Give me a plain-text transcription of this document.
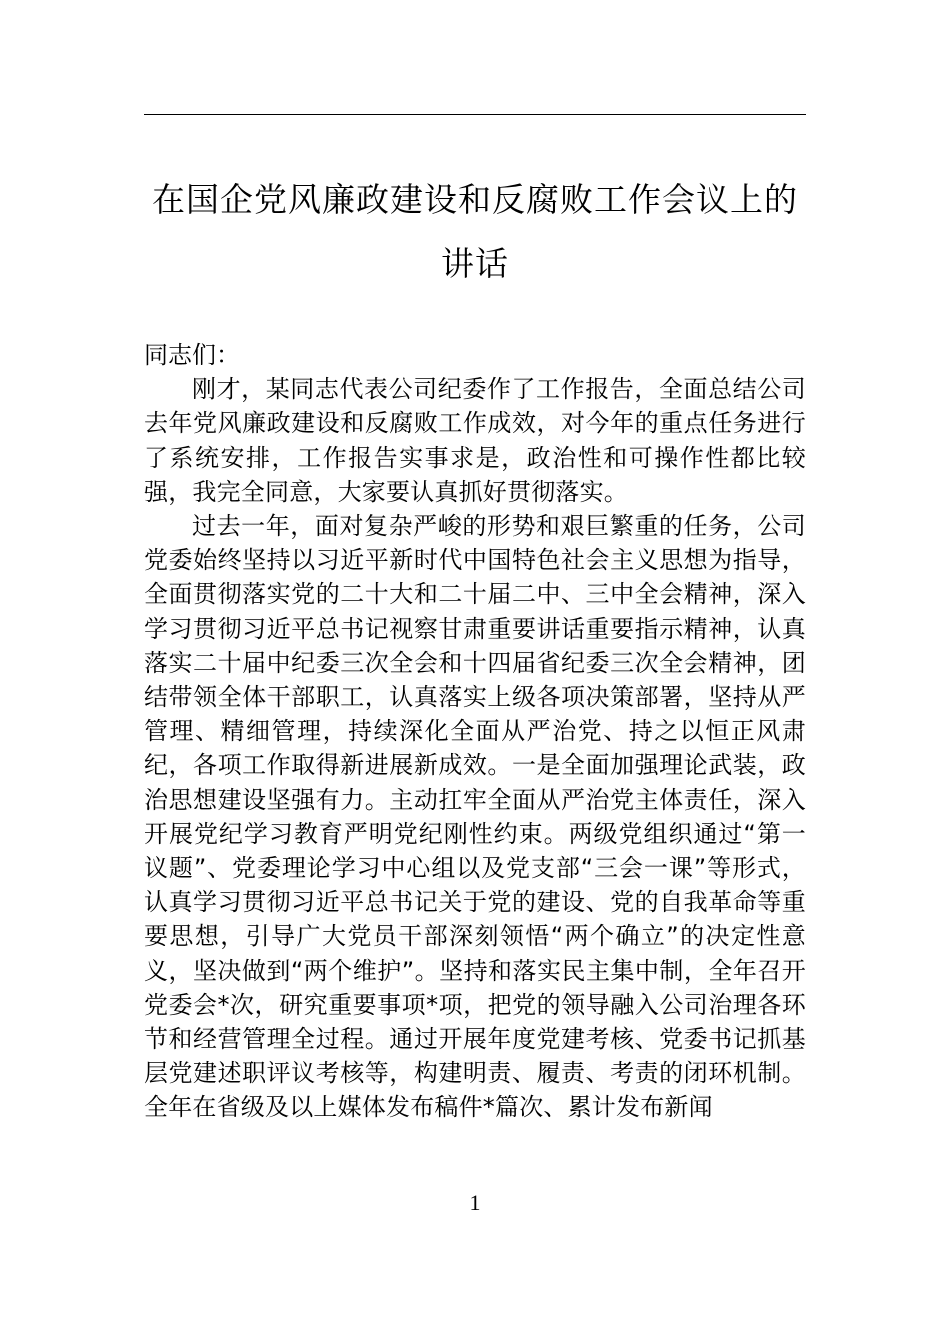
在国企党风廉政建设和反腐败工作会议上的讲话

同志们：

刚才，某同志代表公司纪委作了工作报告，全面总结公司去年党风廉政建设和反腐败工作成效，对今年的重点任务进行了系统安排，工作报告实事求是，政治性和可操作性都比较强，我完全同意，大家要认真抓好贯彻落实。

过去一年，面对复杂严峻的形势和艰巨繁重的任务，公司党委始终坚持以习近平新时代中国特色社会主义思想为指导，全面贯彻落实党的二十大和二十届二中、三中全会精神，深入学习贯彻习近平总书记视察甘肃重要讲话重要指示精神，认真落实二十届中纪委三次全会和十四届省纪委三次全会精神，团结带领全体干部职工，认真落实上级各项决策部署，坚持从严管理、精细管理，持续深化全面从严治党、持之以恒正风肃纪，各项工作取得新进展新成效。一是全面加强理论武装，政治思想建设坚强有力。主动扛牢全面从严治党主体责任，深入开展党纪学习教育严明党纪刚性约束。两级党组织通过“第一议题”、党委理论学习中心组以及党支部“三会一课”等形式，认真学习贯彻习近平总书记关于党的建设、党的自我革命等重要思想，引导广大党员干部深刻领悟“两个确立”的决定性意义，坚决做到“两个维护”。坚持和落实民主集中制，全年召开党委会*次，研究重要事项*项，把党的领导融入公司治理各环节和经营管理全过程。通过开展年度党建考核、党委书记抓基层党建述职评议考核等，构建明责、履责、考责的闭环机制。全年在省级及以上媒体发布稿件*篇次、累计发布新闻

1
